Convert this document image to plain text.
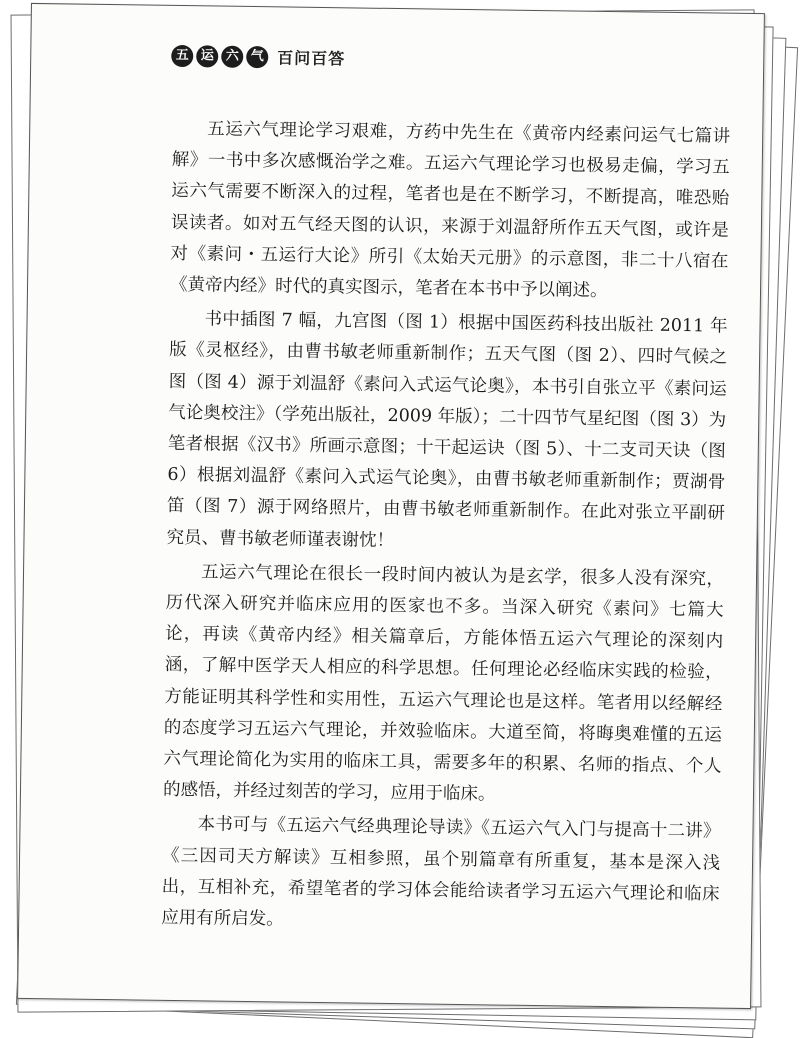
五 运 六 气 百问百答

五运六气理论学习艰难，方药中先生在《黄帝内经素问运气七篇讲解》一书中多次感慨治学之难。五运六气理论学习也极易走偏，学习五运六气需要不断深入的过程，笔者也是在不断学习，不断提高，唯恐贻误读者。如对五气经天图的认识，来源于刘温舒所作五天气图，或许是对《素问・五运行大论》所引《太始天元册》的示意图，非二十八宿在《黄帝内经》时代的真实图示，笔者在本书中予以阐述。

书中插图 7 幅，九宫图（图 1）根据中国医药科技出版社 2011 年版《灵枢经》，由曹书敏老师重新制作；五天气图（图 2）、四时气候之图（图 4）源于刘温舒《素问入式运气论奥》，本书引自张立平《素问运气论奥校注》（学苑出版社，2009 年版）；二十四节气星纪图（图 3）为笔者根据《汉书》所画示意图；十干起运诀（图 5）、十二支司天诀（图 6）根据刘温舒《素问入式运气论奥》，由曹书敏老师重新制作；贾湖骨笛（图 7）源于网络照片，由曹书敏老师重新制作。在此对张立平副研究员、曹书敏老师谨表谢忱！

五运六气理论在很长一段时间内被认为是玄学，很多人没有深究，历代深入研究并临床应用的医家也不多。当深入研究《素问》七篇大论，再读《黄帝内经》相关篇章后，方能体悟五运六气理论的深刻内涵，了解中医学天人相应的科学思想。任何理论必经临床实践的检验，方能证明其科学性和实用性，五运六气理论也是这样。笔者用以经解经的态度学习五运六气理论，并效验临床。大道至简，将晦奥难懂的五运六气理论简化为实用的临床工具，需要多年的积累、名师的指点、个人的感悟，并经过刻苦的学习，应用于临床。

本书可与《五运六气经典理论导读》《五运六气入门与提高十二讲》《三因司天方解读》互相参照，虽个别篇章有所重复，基本是深入浅出，互相补充，希望笔者的学习体会能给读者学习五运六气理论和临床应用有所启发。
